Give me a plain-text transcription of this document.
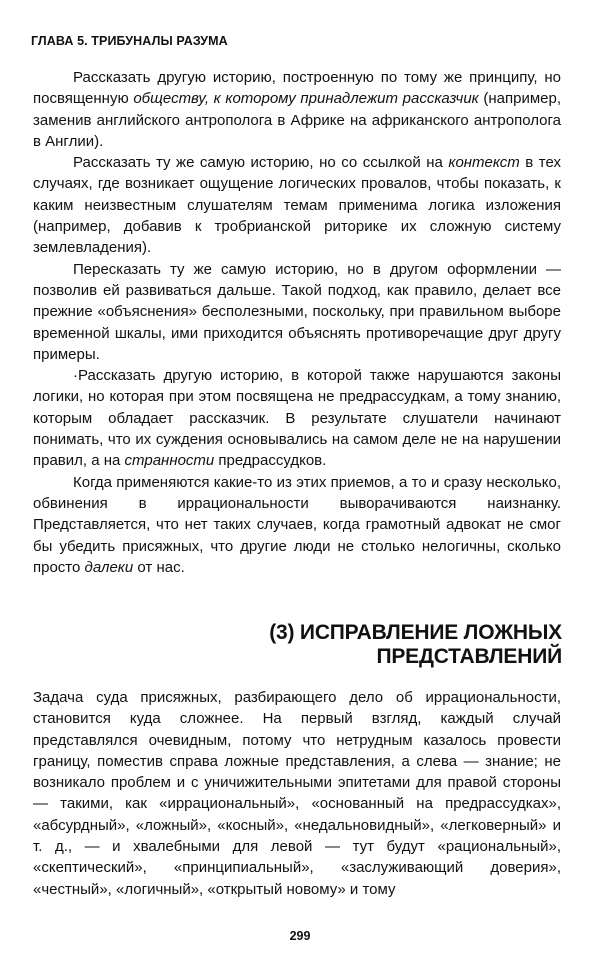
ГЛАВА 5. ТРИБУНАЛЫ РАЗУМА

Рассказать другую историю, построенную по тому же принципу, но посвященную обществу, к которому принадлежит рассказчик (например, заменив английского антрополога в Африке на африканского антрополога в Англии).

Рассказать ту же самую историю, но со ссылкой на контекст в тех случаях, где возникает ощущение логических провалов, чтобы показать, к каким неизвестным слушателям темам применима логика изложения (например, добавив к тробрианской риторике их сложную систему землевладения).

Пересказать ту же самую историю, но в другом оформлении — позволив ей развиваться дальше. Такой подход, как правило, делает все прежние «объяснения» бесполезными, поскольку, при правильном выборе временной шкалы, ими приходится объяснять противоречащие друг другу примеры.

·Рассказать другую историю, в которой также нарушаются законы логики, но которая при этом посвящена не предрассудкам, а тому знанию, которым обладает рассказчик. В результате слушатели начинают понимать, что их суждения основывались на самом деле не на нарушении правил, а на странности предрассудков.

Когда применяются какие-то из этих приемов, а то и сразу несколько, обвинения в иррациональности выворачиваются наизнанку. Представляется, что нет таких случаев, когда грамотный адвокат не смог бы убедить присяжных, что другие люди не столько нелогичны, сколько просто далеки от нас.

(3) ИСПРАВЛЕНИЕ ЛОЖНЫХ
ПРЕДСТАВЛЕНИЙ

Задача суда присяжных, разбирающего дело об иррациональности, становится куда сложнее. На первый взгляд, каждый случай представлялся очевидным, потому что нетрудным казалось провести границу, поместив справа ложные представления, а слева — знание; не возникало проблем и с уничижительными эпитетами для правой стороны — такими, как «иррациональный», «основанный на предрассудках», «абсурдный», «ложный», «косный», «недальновидный», «легковерный» и т. д., — и хвалебными для левой — тут будут «рациональный», «скептический», «принципиальный», «заслуживающий доверия», «честный», «логичный», «открытый новому» и тому

299
